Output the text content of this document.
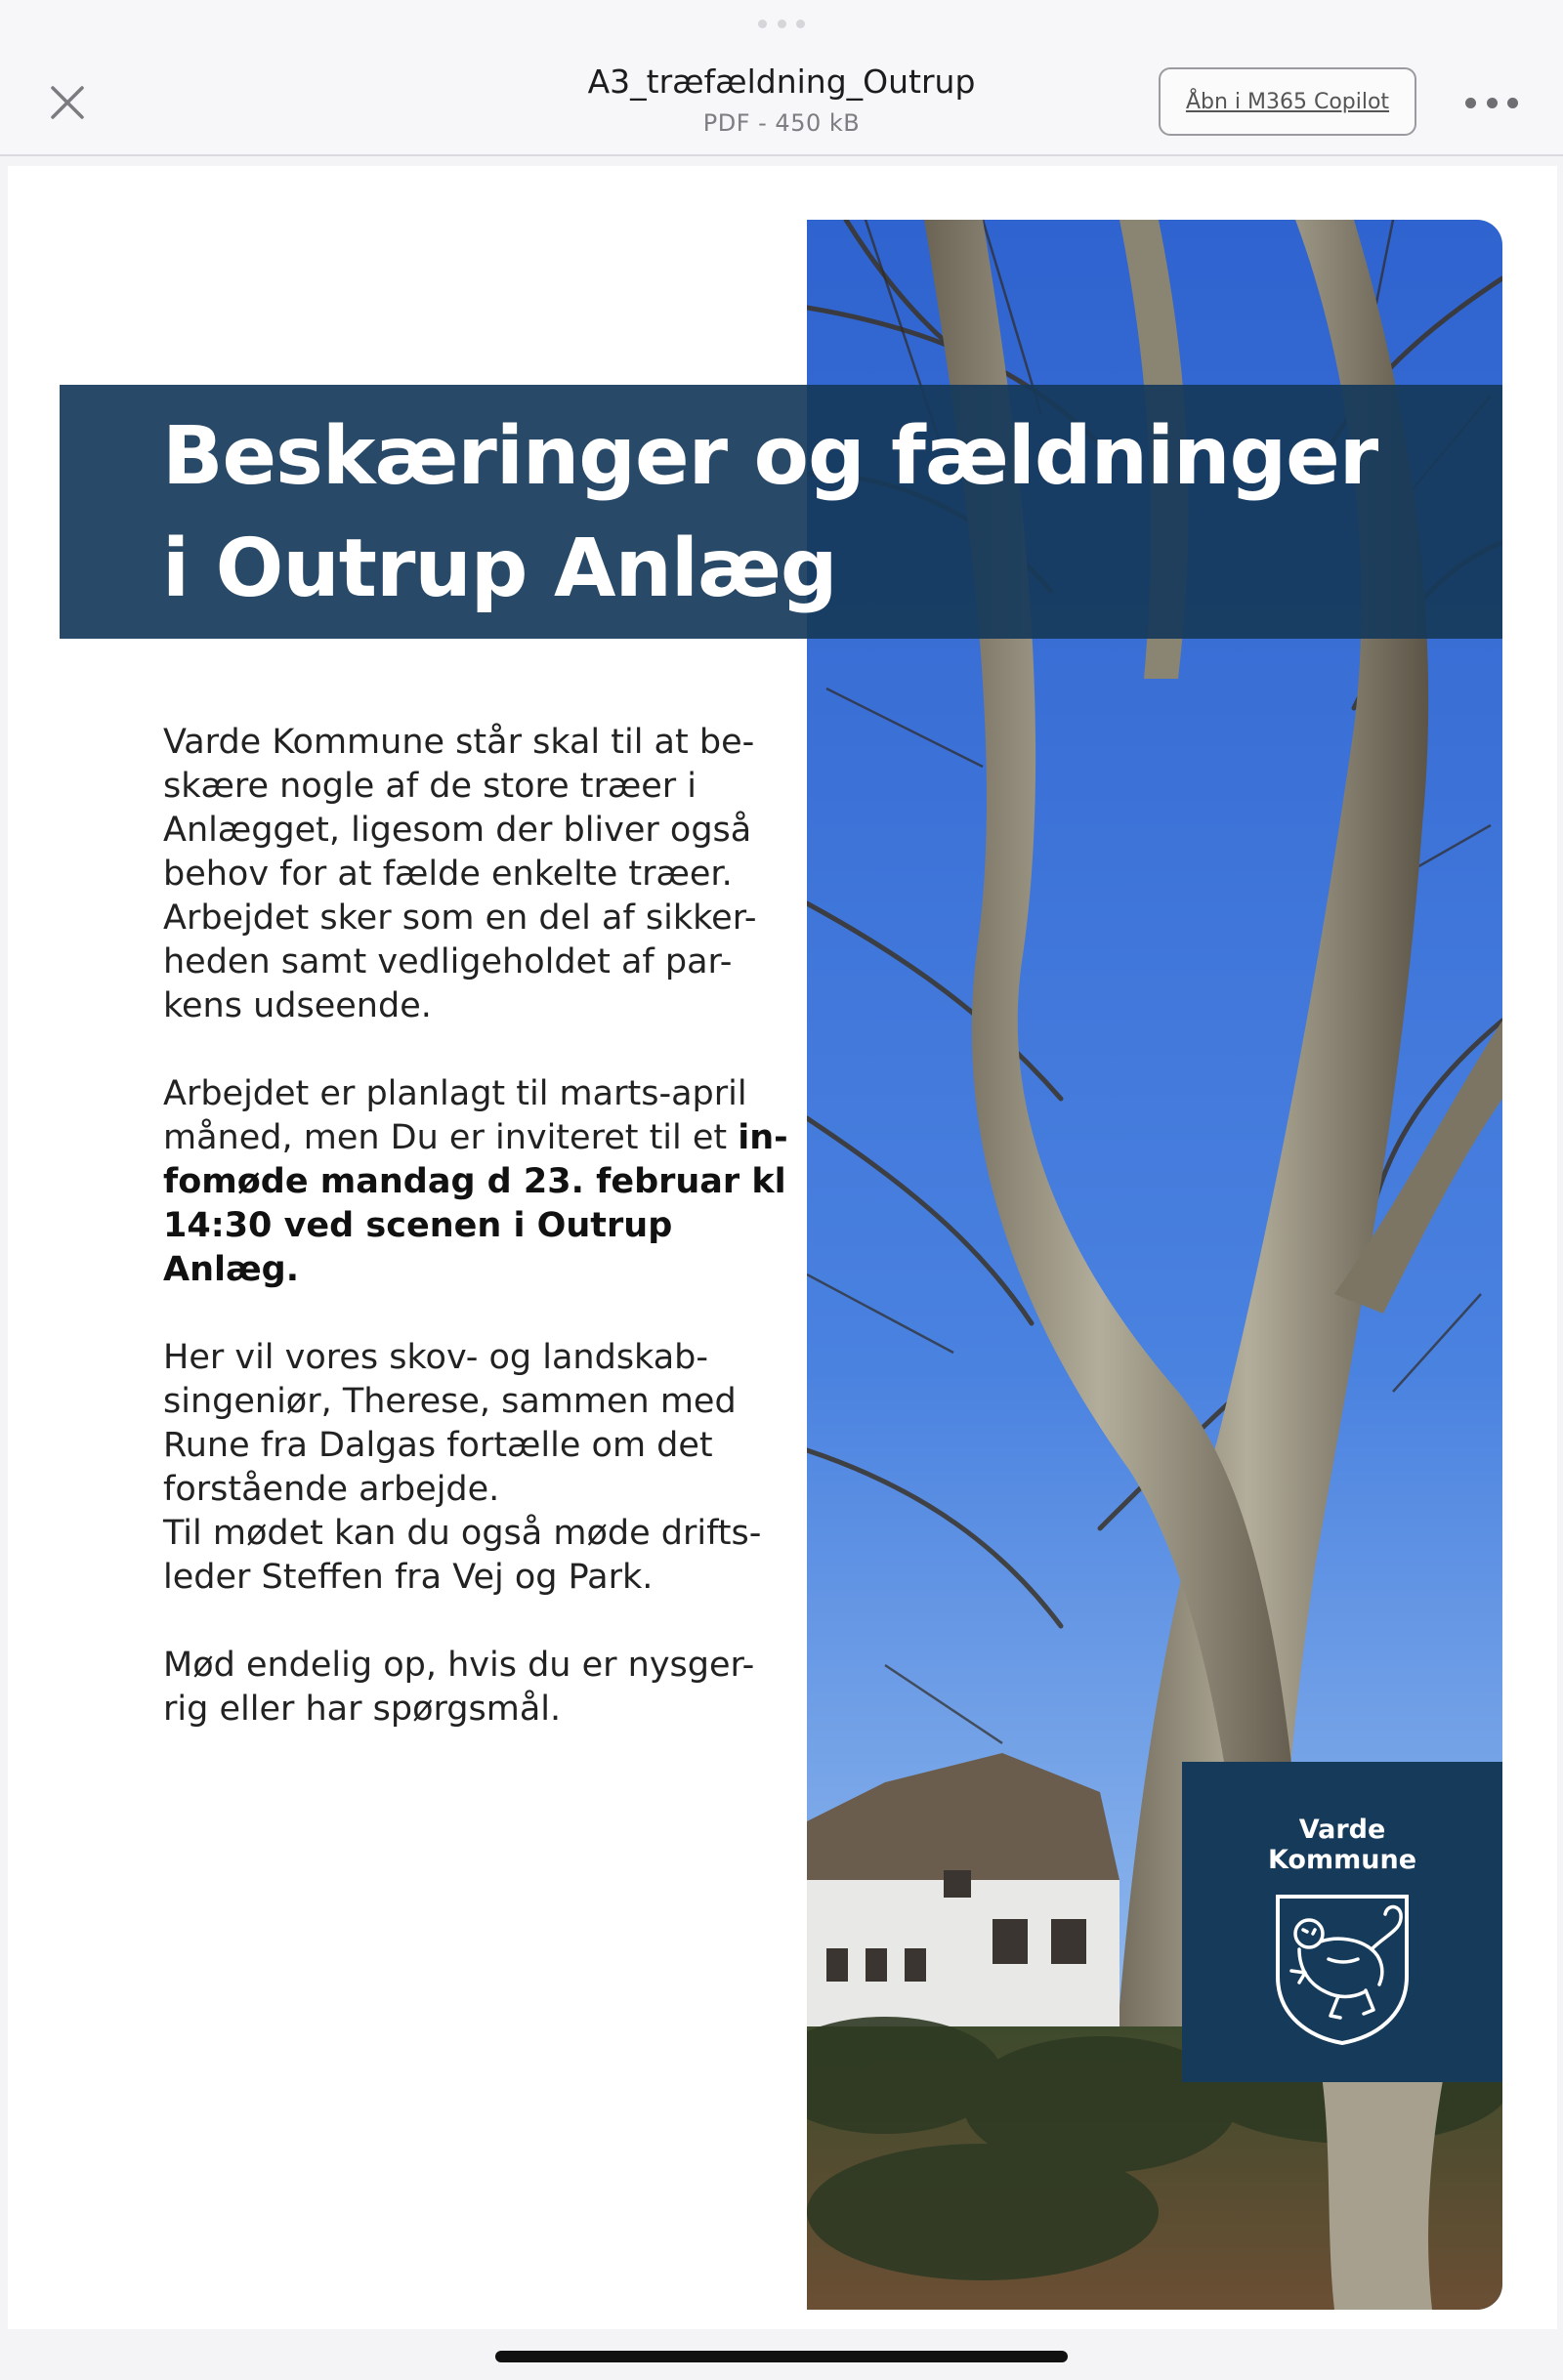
A3_træfældning_Outrup
PDF - 450 kB
Åbn i M365 Copilot
Beskæringer og fældninger
i Outrup Anlæg

Varde Kommune står skal til at be- skære nogle af de store træer i Anlægget, ligesom der bliver også behov for at fælde enkelte træer. Arbejdet sker som en del af sikker- heden samt vedligeholdet af par- kens udseende.

Arbejdet er planlagt til marts-april måned, men Du er inviteret til et in- fomøde mandag d 23. februar kl 14:30 ved scenen i Outrup Anlæg.

Her vil vores skov- og landskab- singeniør, Therese, sammen med Rune fra Dalgas fortælle om det forstående arbejde.
Til mødet kan du også møde drifts- leder Steffen fra Vej og Park.

Mød endelig op, hvis du er nysger- rig eller har spørgsmål.

Varde
Kommune
